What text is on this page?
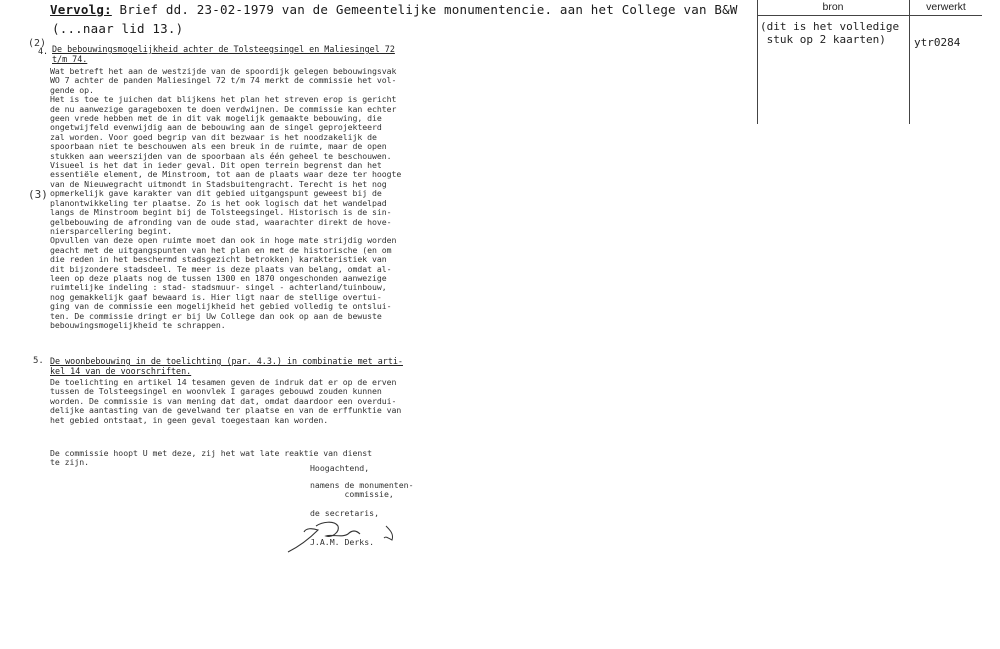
Vervolg: Brief dd. 23-02-1979 van de Gemeentelijke monumentencie. aan het College van B&W
(...naar lid 13.)
bron	verwerkt
(dit is het volledige
stuk op 2 kaarten)	ytr0284
(2)
(3)
4. De bebouwingsmogelijkheid achter de Tolsteegsingel en Maliesingel 72
t/m 74.
Wat betreft het aan de westzijde van de spoordijk gelegen bebouwingsvak
WO 7 achter de panden Maliesingel 72 t/m 74 merkt de commissie het vol-
gende op.
Het is toe te juichen dat blijkens het plan het streven erop is gericht
de nu aanwezige garageboxen te doen verdwijnen. De commissie kan echter
geen vrede hebben met de in dit vak mogelijk gemaakte bebouwing, die
ongetwijfeld evenwijdig aan de bebouwing aan de singel geprojekteerd
zal worden. Voor goed begrip van dit bezwaar is het noodzakelijk de
spoorbaan niet te beschouwen als een breuk in de ruimte, maar de open
stukken aan weerszijden van de spoorbaan als één geheel te beschouwen.
Visueel is het dat in ieder geval. Dit open terrein begrenst dan het
essentiële element, de Minstroom, tot aan de plaats waar deze ter hoogte
van de Nieuwegracht uitmondt in Stadsbuitengracht. Terecht is het nog
opmerkelijk gave karakter van dit gebied uitgangspunt geweest bij de
planontwikkeling ter plaatse. Zo is het ook logisch dat het wandelpad
langs de Minstroom begint bij de Tolsteegsingel. Historisch is de sin-
gelbebouwing de afronding van de oude stad, waarachter direkt de hove-
niersparcellering begint.
Opvullen van deze open ruimte moet dan ook in hoge mate strijdig worden
geacht met de uitgangspunten van het plan en met de historische (en om
die reden in het beschermd stadsgezicht betrokken) karakteristiek van
dit bijzondere stadsdeel. Te meer is deze plaats van belang, omdat al-
leen op deze plaats nog de tussen 1300 en 1870 ongeschonden aanwezige
ruimtelijke indeling : stad- stadsmuur- singel - achterland/tuinbouw,
nog gemakkelijk gaaf bewaard is. Hier ligt naar de stellige overtui-
ging van de commissie een mogelijkheid het gebied volledig te ontslui-
ten. De commissie dringt er bij Uw College dan ook op aan de bewuste
bebouwingsmogelijkheid te schrappen.
5. De woonbebouwing in de toelichting (par. 4.3.) in combinatie met arti-
kel 14 van de voorschriften.
De toelichting en artikel 14 tesamen geven de indruk dat er op de erven
tussen de Tolsteegsingel en woonvlek I garages gebouwd zouden kunnen
worden. De commissie is van mening dat dat, omdat daardoor een overdui-
delijke aantasting van de gevelwand ter plaatse en van de erffunktie van
het gebied ontstaat, in geen geval toegestaan kan worden.
De commissie hoopt U met deze, zij het wat late reaktie van dienst
te zijn.
Hoogachtend,
namens de monumenten-
commissie,
de secretaris,
J.A.M. Derks.
